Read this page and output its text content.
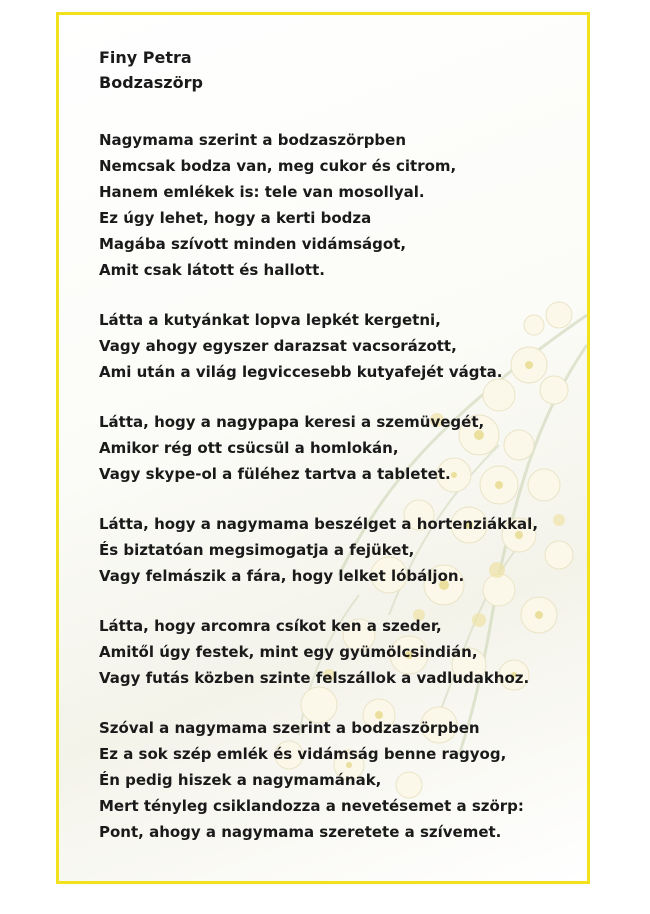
Finy Petra
Bodzaszörp
Nagymama szerint a bodzaszörpben
Nemcsak bodza van, meg cukor és citrom,
Hanem emlékek is: tele van mosollyal.
Ez úgy lehet, hogy a kerti bodza
Magába szívott minden vidámságot,
Amit csak látott és hallott.
Látta a kutyánkat lopva lepkét kergetni,
Vagy ahogy egyszer darazsat vacsorázott,
Ami után a világ legviccesebb kutyafejét vágta.
Látta, hogy a nagypapa keresi a szemüvegét,
Amikor rég ott csücsül a homlokán,
Vagy skype-ol a füléhez tartva a tabletet.
Látta, hogy a nagymama beszélget a hortenziákkal,
És biztatóan megsimogatja a fejüket,
Vagy felmászik a fára, hogy lelket lóbáljon.
Látta, hogy arcomra csíkot ken a szeder,
Amitől úgy festek, mint egy gyümölcsindián,
Vagy futás közben szinte felszállok a vadludakhoz.
Szóval a nagymama szerint a bodzaszörpben
Ez a sok szép emlék és vidámság benne ragyog,
Én pedig hiszek a nagymamának,
Mert tényleg csiklandozza a nevetésemet a szörp:
Pont, ahogy a nagymama szeretete a szívemet.
